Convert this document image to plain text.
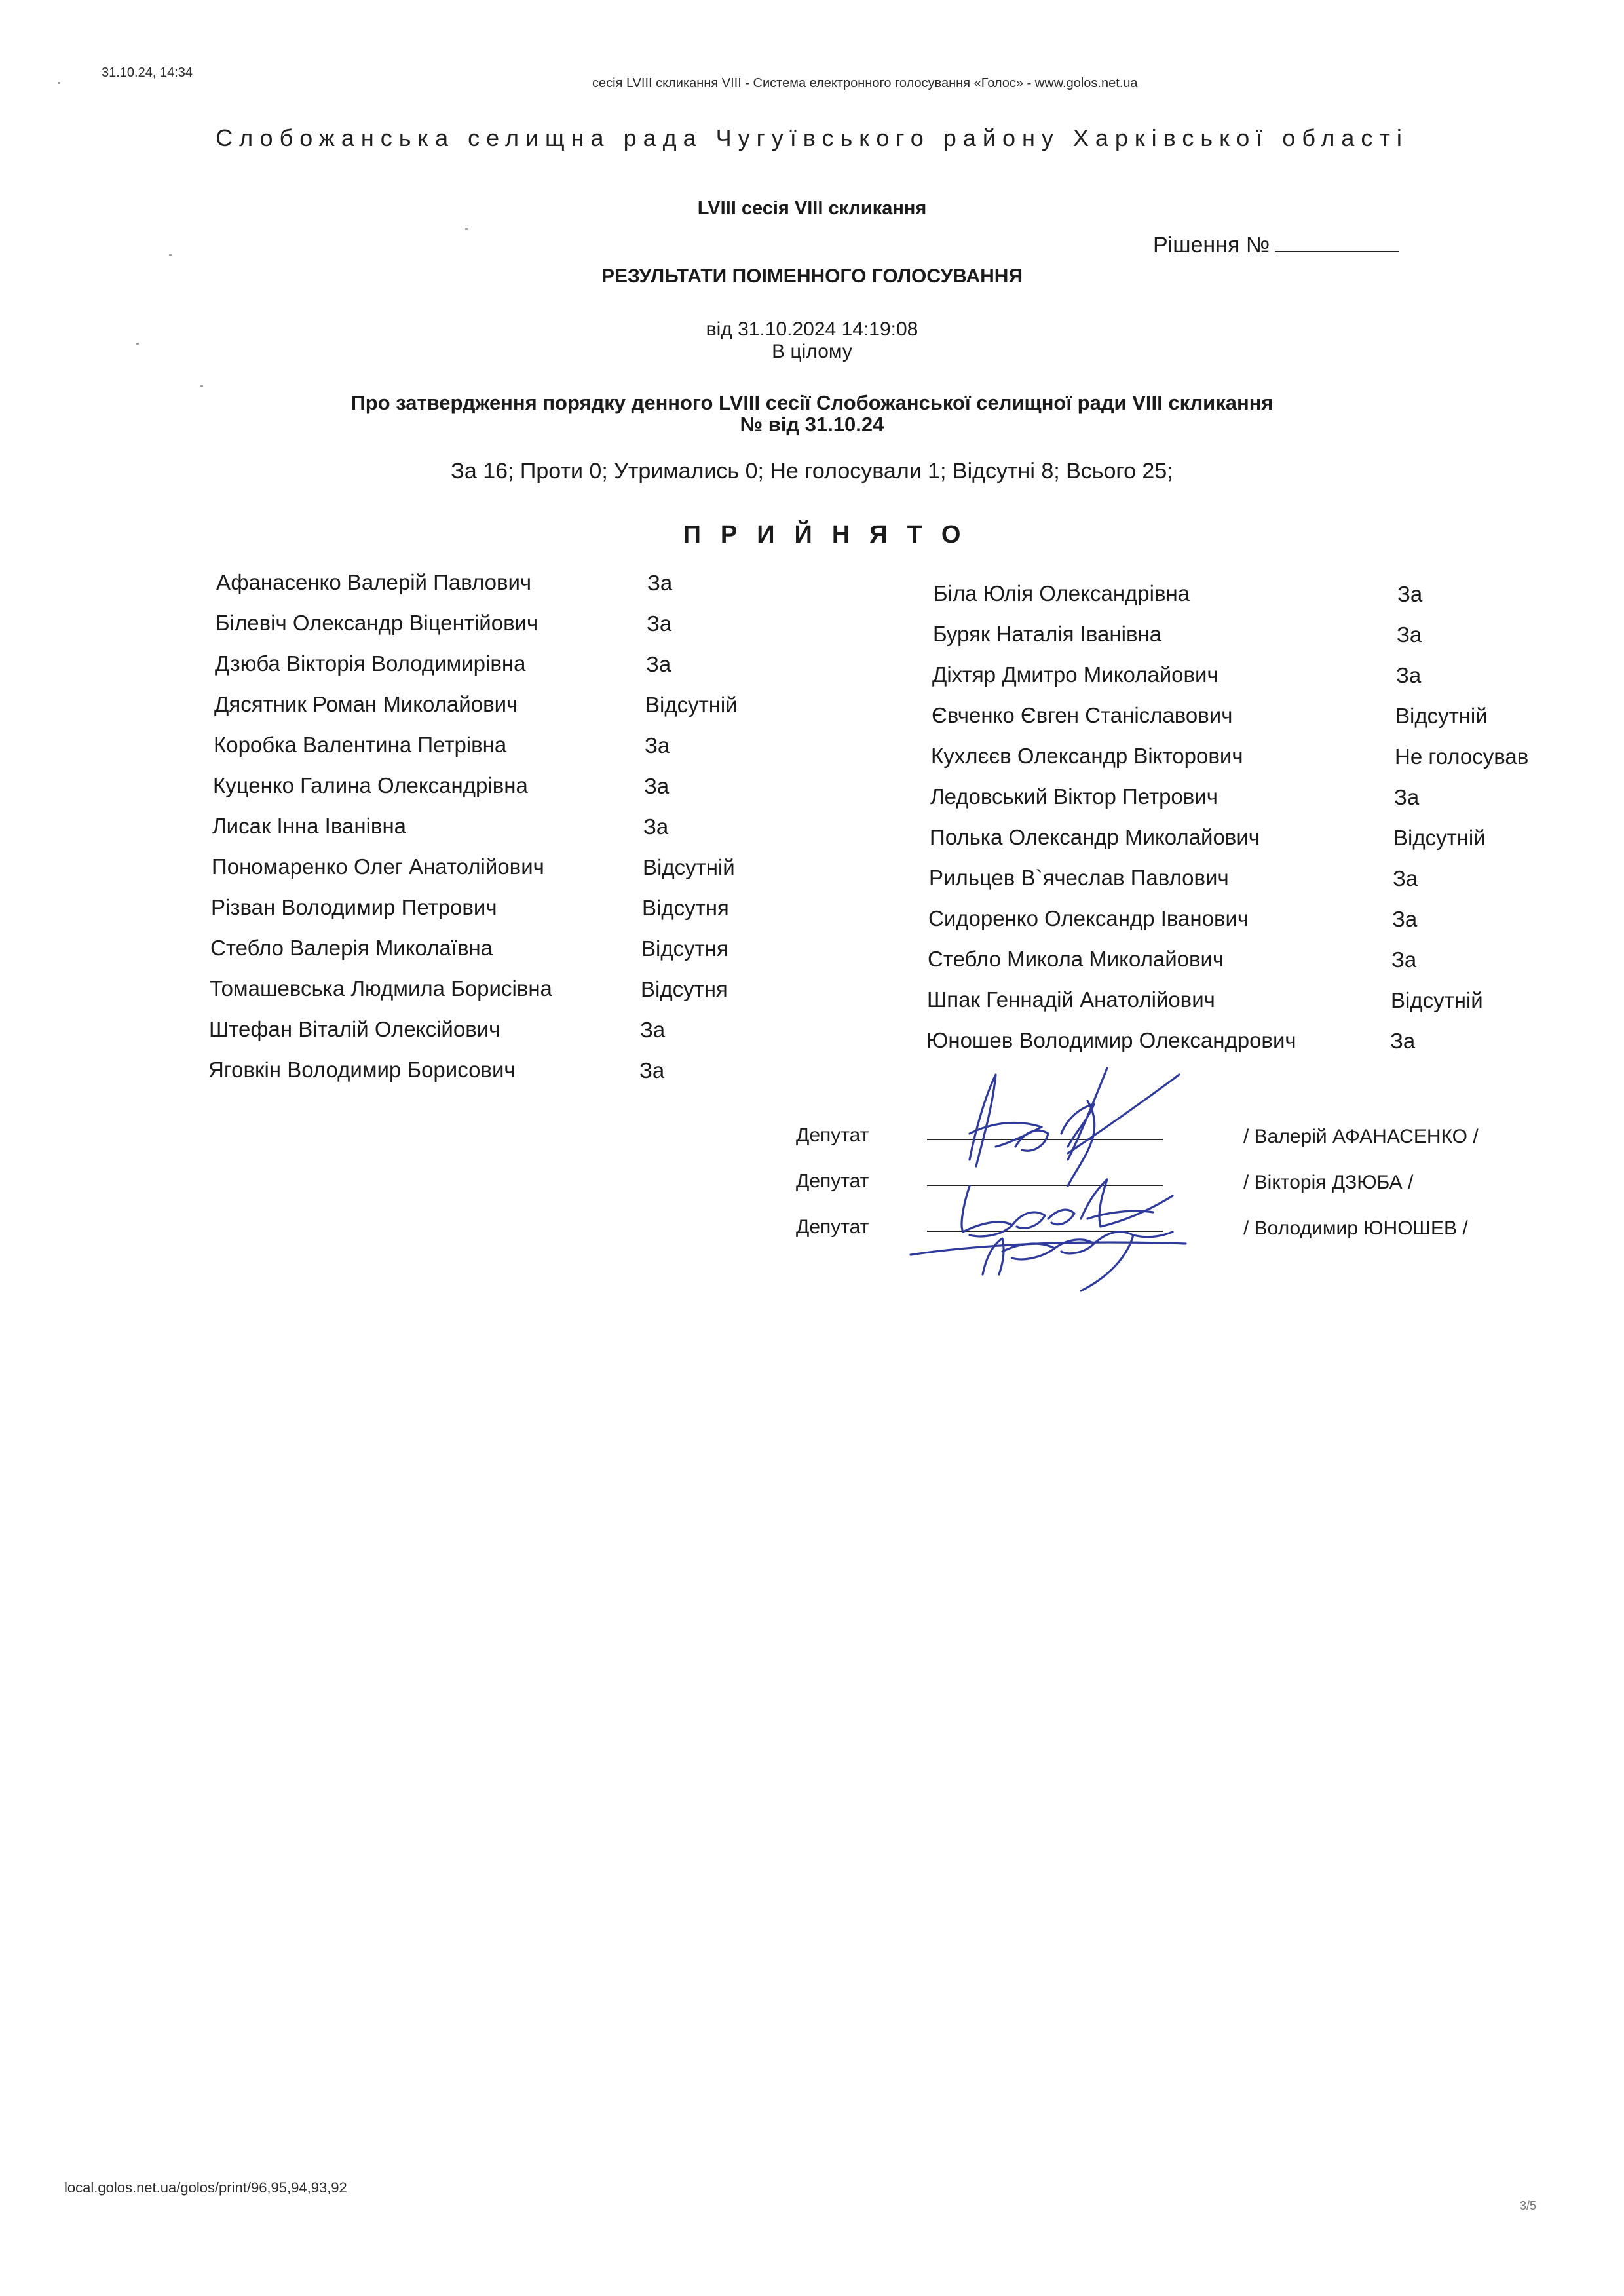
31.10.24, 14:34
сесія LVIII скликання VIII - Система електронного голосування «Голос» - www.golos.net.ua
Слобожанська селищна рада Чугуївського району Харківської області
LVIII сесія VIII скликання
Рішення №
РЕЗУЛЬТАТИ ПОІМЕННОГО ГОЛОСУВАННЯ
від 31.10.2024 14:19:08
В цілому
Про затвердження порядку денного LVIII сесії Слобожанської селищної ради VIII скликання
№ від 31.10.24
За 16; Проти 0; Утримались 0; Не голосували 1; Відсутні 8; Всього 25;
ПРИЙНЯТО
Афанасенко Валерій Павлович	За
Білевіч Олександр Віцентійович	За
Дзюба Вікторія Володимирівна	За
Дясятник Роман Миколайович	Відсутній
Коробка Валентина Петрівна	За
Куценко Галина Олександрівна	За
Лисак Інна Іванівна	За
Пономаренко Олег Анатолійович	Відсутній
Різван Володимир Петрович	Відсутня
Стебло Валерія Миколаївна	Відсутня
Томашевська Людмила Борисівна	Відсутня
Штефан Віталій Олексійович	За
Яговкін Володимир Борисович	За
Біла Юлія Олександрівна	За
Буряк Наталія Іванівна	За
Діхтяр Дмитро Миколайович	За
Євченко Євген Станіславович	Відсутній
Кухлєєв Олександр Вікторович	Не голосував
Ледовський Віктор Петрович	За
Полька Олександр Миколайович	Відсутній
Рильцев В`ячеслав Павлович	За
Сидоренко Олександр Іванович	За
Стебло Микола Миколайович	За
Шпак Геннадій Анатолійович	Відсутній
Юношев Володимир Олександрович	За
Депутат	/ Валерій АФАНАСЕНКО /
Депутат	/ Вікторія ДЗЮБА /
Депутат	/ Володимир ЮНОШЕВ /
local.golos.net.ua/golos/print/96,95,94,93,92
3/5
